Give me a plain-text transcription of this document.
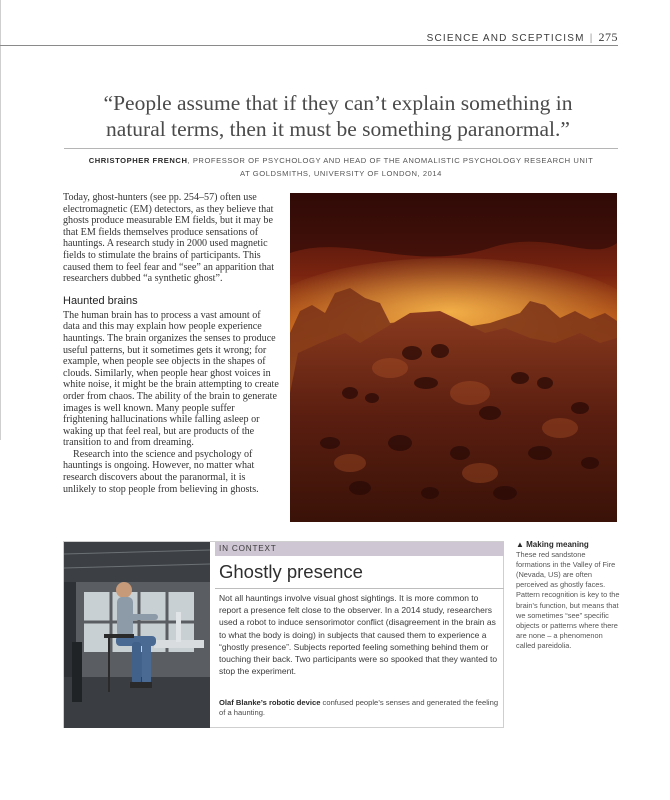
SCIENCE AND SCEPTICISM | 275
“People assume that if they can’t explain something in
natural terms, then it must be something paranormal.”
CHRISTOPHER FRENCH, PROFESSOR OF PSYCHOLOGY AND HEAD OF THE ANOMALISTIC PSYCHOLOGY RESEARCH UNIT
AT GOLDSMITHS, UNIVERSITY OF LONDON, 2014

Today, ghost-hunters (see pp. 254–57) often use electromagnetic (EM) detectors, as they believe that ghosts produce measurable EM fields, but it may be that EM fields themselves produce sensations of hauntings. A research study in 2000 used magnetic fields to stimulate the brains of participants. This caused them to feel fear and “see” an apparition that researchers dubbed “a synthetic ghost”.

Haunted brains

The human brain has to process a vast amount of data and this may explain how people experience hauntings. The brain organizes the senses to produce useful patterns, but it sometimes gets it wrong; for example, when people see objects in the shapes of clouds. Similarly, when people hear ghost voices in white noise, it might be the brain attempting to create order from chaos. The ability of the brain to generate images is well known. Many people suffer frightening hallucinations while falling asleep or waking up that feel real, but are products of the transition to and from dreaming.

Research into the science and psychology of hauntings is ongoing. However, no matter what research discovers about the paranormal, it is unlikely to stop people from believing in ghosts.

IN CONTEXT
Ghostly presence
Not all hauntings involve visual ghost sightings. It is more common to report a presence felt close to the observer. In a 2014 study, researchers used a robot to induce sensorimotor conflict (disagreement in the brain as to what the body is doing) in subjects that caused them to experience a “ghostly presence”. Subjects reported feeling something behind them or touching their back. Two participants were so spooked that they wanted to stop the experiment.
Olaf Blanke’s robotic device confused people’s senses and generated the feeling of a haunting.
▲ Making meaning
These red sandstone formations in the Valley of Fire (Nevada, US) are often perceived as ghostly faces. Pattern recognition is key to the brain’s function, but means that we sometimes “see” specific objects or patterns where there are none – a phenomenon called pareidolia.
